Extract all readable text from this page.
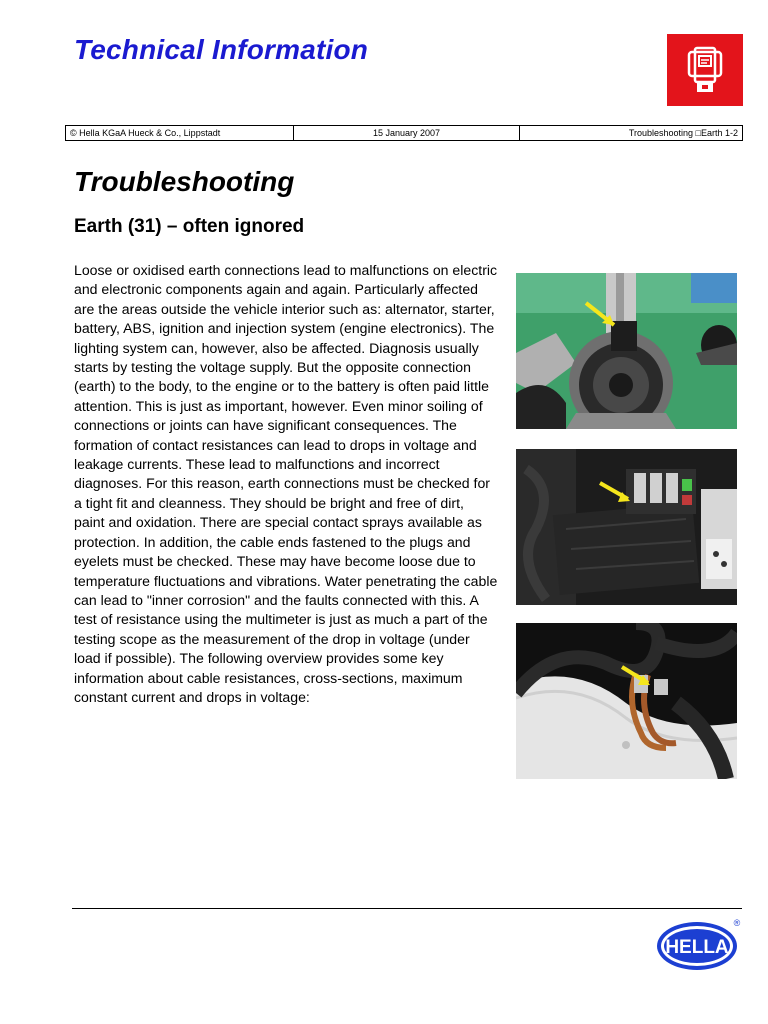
Technical Information
© Hella KGaA Hueck & Co., Lippstadt	15 January 2007	Troubleshooting □Earth 1-2
Troubleshooting
Earth (31) – often ignored
Loose or oxidised earth connections lead to malfunctions on electric and electronic components again and again. Particularly affected are the areas outside the vehicle interior such as: alternator, starter, battery, ABS, ignition and injection system (engine electronics). The lighting system can, however, also be affected. Diagnosis usually starts by testing the voltage supply. But the opposite connection (earth) to the body, to the engine or to the battery is often paid little attention. This is just as important, however. Even minor soiling of connections or joints can have significant consequences. The formation of contact resistances can lead to drops in voltage and leakage currents. These lead to malfunctions and incorrect diagnoses. For this reason, earth connections must be checked for a tight fit and cleanness. They should be bright and free of dirt, paint and oxidation. There are special contact sprays available as protection. In addition, the cable ends fastened to the plugs and eyelets must be checked. These may have become loose due to temperature fluctuations and vibrations. Water penetrating the cable can lead to "inner corrosion" and the faults connected with this. A test of resistance using the multimeter is just as much a part of the testing scope as the measurement of the drop in voltage (under load if possible). The following overview provides some key information about cable resistances, cross-sections, maximum constant current and drops in voltage:
HELLA
®
